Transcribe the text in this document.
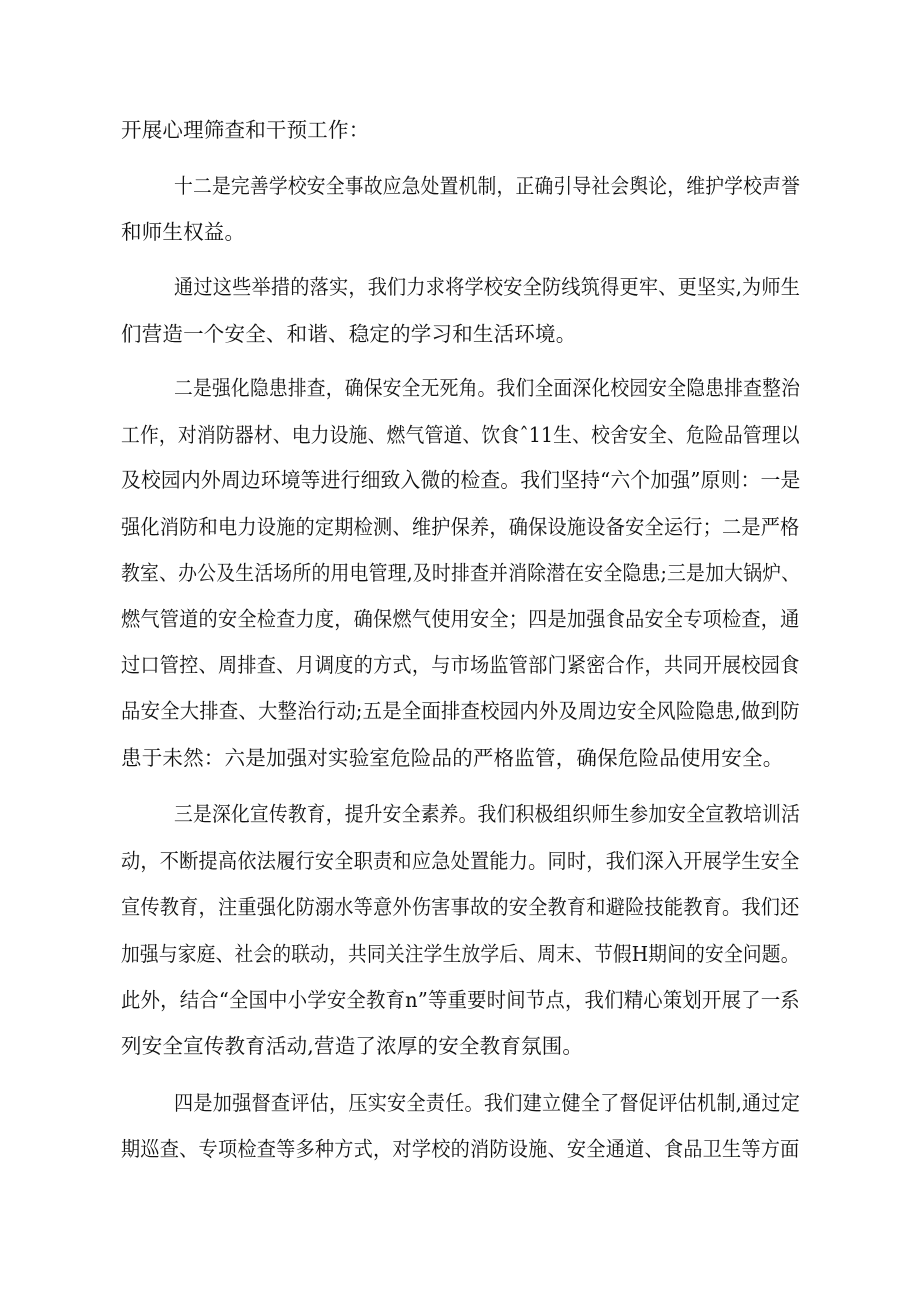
开展心理筛查和干预工作：
十二是完善学校安全事故应急处置机制，正确引导社会舆论，维护学校声誉
和师生权益。
通过这些举措的落实，我们力求将学校安全防线筑得更牢、更坚实,为师生
们营造一个安全、和谐、稳定的学习和生活环境。
二是强化隐患排查，确保安全无死角。我们全面深化校园安全隐患排查整治
工作，对消防器材、电力设施、燃气管道、饮食ˆ11生、校舍安全、危险品管理以
及校园内外周边环境等进行细致入微的检查。我们坚持“六个加强”原则：一是
强化消防和电力设施的定期检测、维护保养，确保设施设备安全运行；二是严格
教室、办公及生活场所的用电管理,及时排查并消除潜在安全隐患;三是加大锅炉、
燃气管道的安全检查力度，确保燃气使用安全；四是加强食品安全专项检查，通
过口管控、周排查、月调度的方式，与市场监管部门紧密合作，共同开展校园食
品安全大排查、大整治行动;五是全面排查校园内外及周边安全风险隐患,做到防
患于未然：六是加强对实验室危险品的严格监管，确保危险品使用安全。
三是深化宣传教育，提升安全素养。我们积极组织师生参加安全宣教培训活
动，不断提高依法履行安全职责和应急处置能力。同时，我们深入开展学生安全
宣传教育，注重强化防溺水等意外伤害事故的安全教育和避险技能教育。我们还
加强与家庭、社会的联动，共同关注学生放学后、周末、节假H期间的安全问题。
此外，结合“全国中小学安全教育n”等重要时间节点，我们精心策划开展了一系
列安全宣传教育活动,营造了浓厚的安全教育氛围。
四是加强督查评估，压实安全责任。我们建立健全了督促评估机制,通过定
期巡查、专项检查等多种方式，对学校的消防设施、安全通道、食品卫生等方面
